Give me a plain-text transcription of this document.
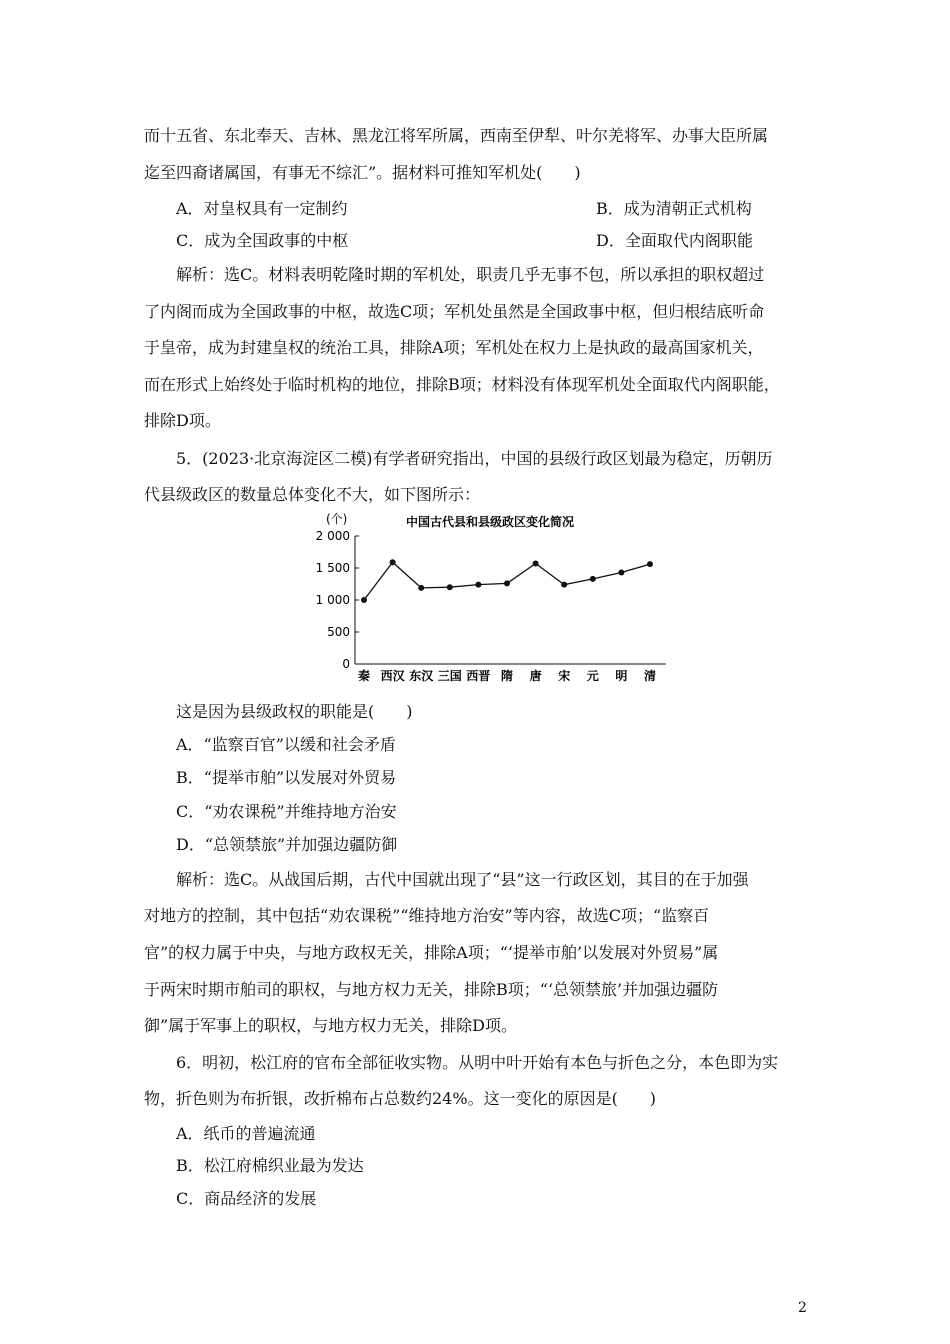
而十五省、东北奉天、吉林、黑龙江将军所属，西南至伊犁、叶尔羌将军、办事大臣所属
迄至四裔诸属国，有事无不综汇”。据材料可推知军机处(　　)
A．对皇权具有一定制约	B．成为清朝正式机构
C．成为全国政事的中枢	D．全面取代内阁职能
解析：选C。材料表明乾隆时期的军机处，职责几乎无事不包，所以承担的职权超过
了内阁而成为全国政事的中枢，故选C项；军机处虽然是全国政事中枢，但归根结底听命
于皇帝，成为封建皇权的统治工具，排除A项；军机处在权力上是执政的最高国家机关，
而在形式上始终处于临时机构的地位，排除B项；材料没有体现军机处全面取代内阁职能，
排除D项。
5．(2023·北京海淀区二模)有学者研究指出，中国的县级行政区划最为稳定，历朝历
代县级政区的数量总体变化不大，如下图所示：
(个)	中国古代县和县级政区变化简况
0
500
1 000
1 500
2 000
秦 西汉 东汉 三国 西晋 隋 唐 宋 元 明 清
这是因为县级政权的职能是(　　)
A．“监察百官”以缓和社会矛盾
B．“提举市舶”以发展对外贸易
C．“劝农课税”并维持地方治安
D．“总领禁旅”并加强边疆防御
解析：选C。从战国后期，古代中国就出现了“县”这一行政区划，其目的在于加强
对地方的控制，其中包括“劝农课税”“维持地方治安”等内容，故选C项；“监察百
官”的权力属于中央，与地方政权无关，排除A项；“‘提举市舶’以发展对外贸易”属
于两宋时期市舶司的职权，与地方权力无关，排除B项；“‘总领禁旅’并加强边疆防
御”属于军事上的职权，与地方权力无关，排除D项。
6．明初，松江府的官布全部征收实物。从明中叶开始有本色与折色之分，本色即为实
物，折色则为布折银，改折棉布占总数约24%。这一变化的原因是(　　)
A．纸币的普遍流通
B．松江府棉织业最为发达
C．商品经济的发展
2
